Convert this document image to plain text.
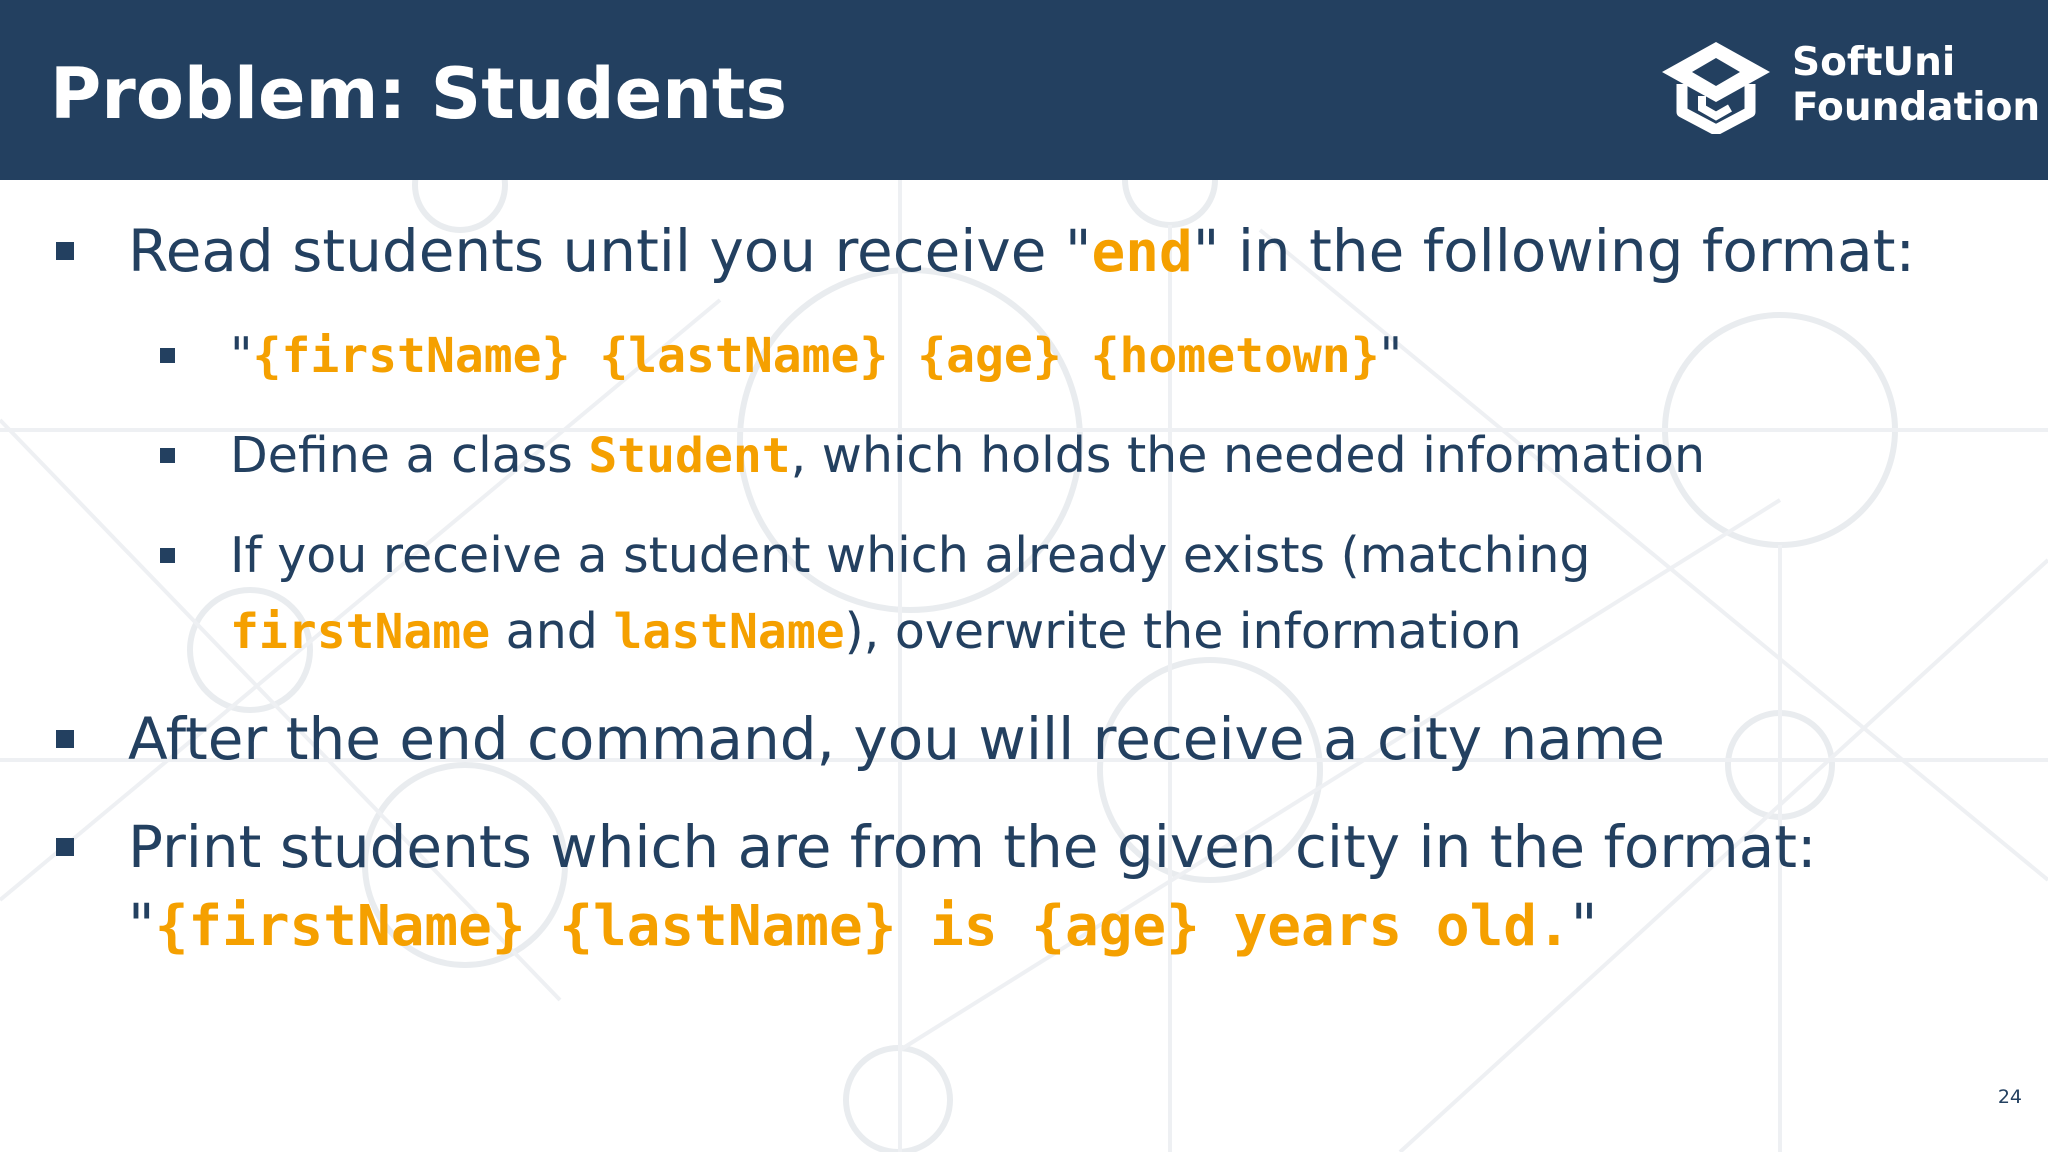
Problem: Students	SoftUni
Foundation
Read students until you receive "end" in the following format:
"{firstName} {lastName} {age} {hometown}"
Define a class Student, which holds the needed information
If you receive a student which already exists (matching
firstName and lastName), overwrite the information
After the end command, you will receive a city name
Print students which are from the given city in the format:
"{firstName} {lastName} is {age} years old."
24
